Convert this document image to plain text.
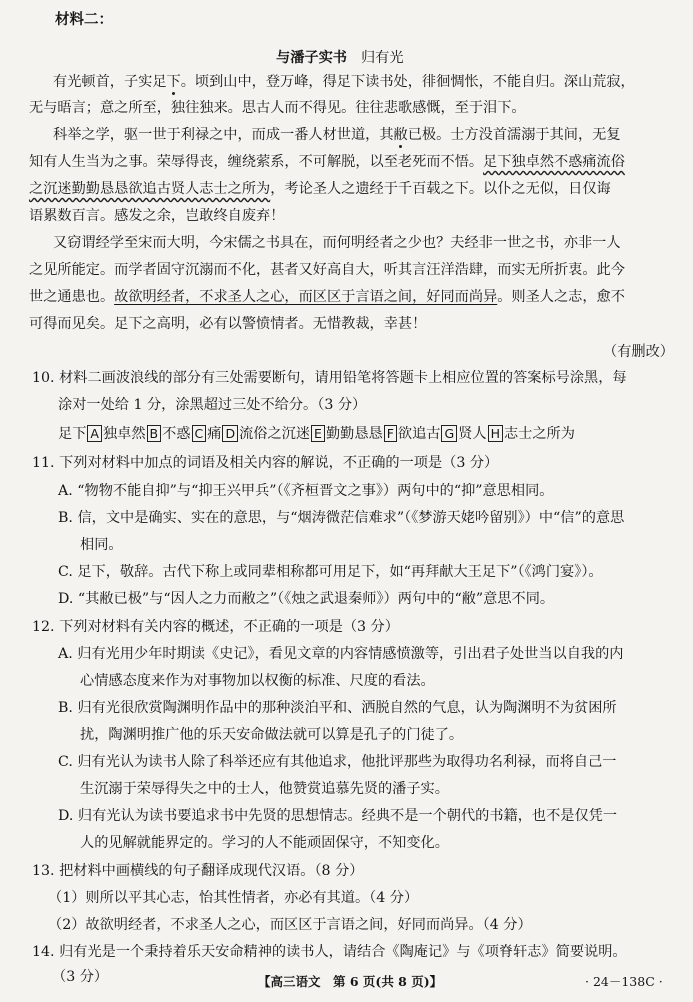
材料二：
与潘子实书 归有光
有光顿首，子实足下。顷到山中，登万峰，得足下读书处，徘徊惆怅，不能自归。深山荒寂，
无与晤言；意之所至，独往独来。思古人而不得见。往往悲歌感慨，至于泪下。
科举之学，驱一世于利禄之中，而成一番人材世道，其敝已极。士方没首濡溺于其间，无复
知有人生当为之事。荣辱得丧，缠绕萦系，不可解脱，以至老死而不悟。足下独卓然不惑痛流俗
之沉迷勤勤恳恳欲追古贤人志士之所为，考论圣人之遗经于千百载之下。以仆之无似，日仅诲
语累数百言。感发之余，岂敢终自废弃！
又窃谓经学至宋而大明，今宋儒之书具在，而何明经者之少也？夫经非一世之书，亦非一人
之见所能定。而学者固守沉溺而不化，甚者又好高自大，听其言汪洋浩肆，而实无所折衷。此今
世之通患也。故欲明经者，不求圣人之心，而区区于言语之间，好同而尚异。则圣人之志，愈不
可得而见矣。足下之高明，必有以警愤情者。无惜教裁，幸甚！
（有删改）
10. 材料二画波浪线的部分有三处需要断句，请用铅笔将答题卡上相应位置的答案标号涂黑，每
涂对一处给 1 分，涂黑超过三处不给分。（3 分）
足下 A 独卓然 B 不惑 C 痛 D 流俗之沉迷 E 勤勤恳恳 F 欲追古 G 贤人 H 志士之所为
11. 下列对材料中加点的词语及相关内容的解说，不正确的一项是（3 分）
A. “物物不能自抑”与“抑王兴甲兵”（《齐桓晋文之事》）两句中的“抑”意思相同。
B. 信，文中是确实、实在的意思，与“烟涛微茫信难求”（《梦游天姥吟留别》）中“信”的意思
相同。
C. 足下，敬辞。古代下称上或同辈相称都可用足下，如“再拜献大王足下”（《鸿门宴》）。
D. “其敝已极”与“因人之力而敝之”（《烛之武退秦师》）两句中的“敝”意思不同。
12. 下列对材料有关内容的概述，不正确的一项是（3 分）
A. 归有光用少年时期读《史记》，看见文章的内容情感愤激等，引出君子处世当以自我的内
心情感态度来作为对事物加以权衡的标准、尺度的看法。
B. 归有光很欣赏陶渊明作品中的那种淡泊平和、洒脱自然的气息，认为陶渊明不为贫困所
扰，陶渊明推广他的乐天安命做法就可以算是孔子的门徒了。
C. 归有光认为读书人除了科举还应有其他追求，他批评那些为取得功名利禄，而将自己一
生沉溺于荣辱得失之中的士人，他赞赏追慕先贤的潘子实。
D. 归有光认为读书要追求书中先贤的思想情志。经典不是一个朝代的书籍，也不是仅凭一
人的见解就能界定的。学习的人不能顽固保守，不知变化。
13. 把材料中画横线的句子翻译成现代汉语。（8 分）
（1）则所以平其心志，怡其性情者，亦必有其道。（4 分）
（2）故欲明经者，不求圣人之心，而区区于言语之间，好同而尚异。（4 分）
14. 归有光是一个秉持着乐天安命精神的读书人，请结合《陶庵记》与《项脊轩志》简要说明。
（3 分）	【高三语文　第 6 页(共 8 页)】	· 24－138C ·
